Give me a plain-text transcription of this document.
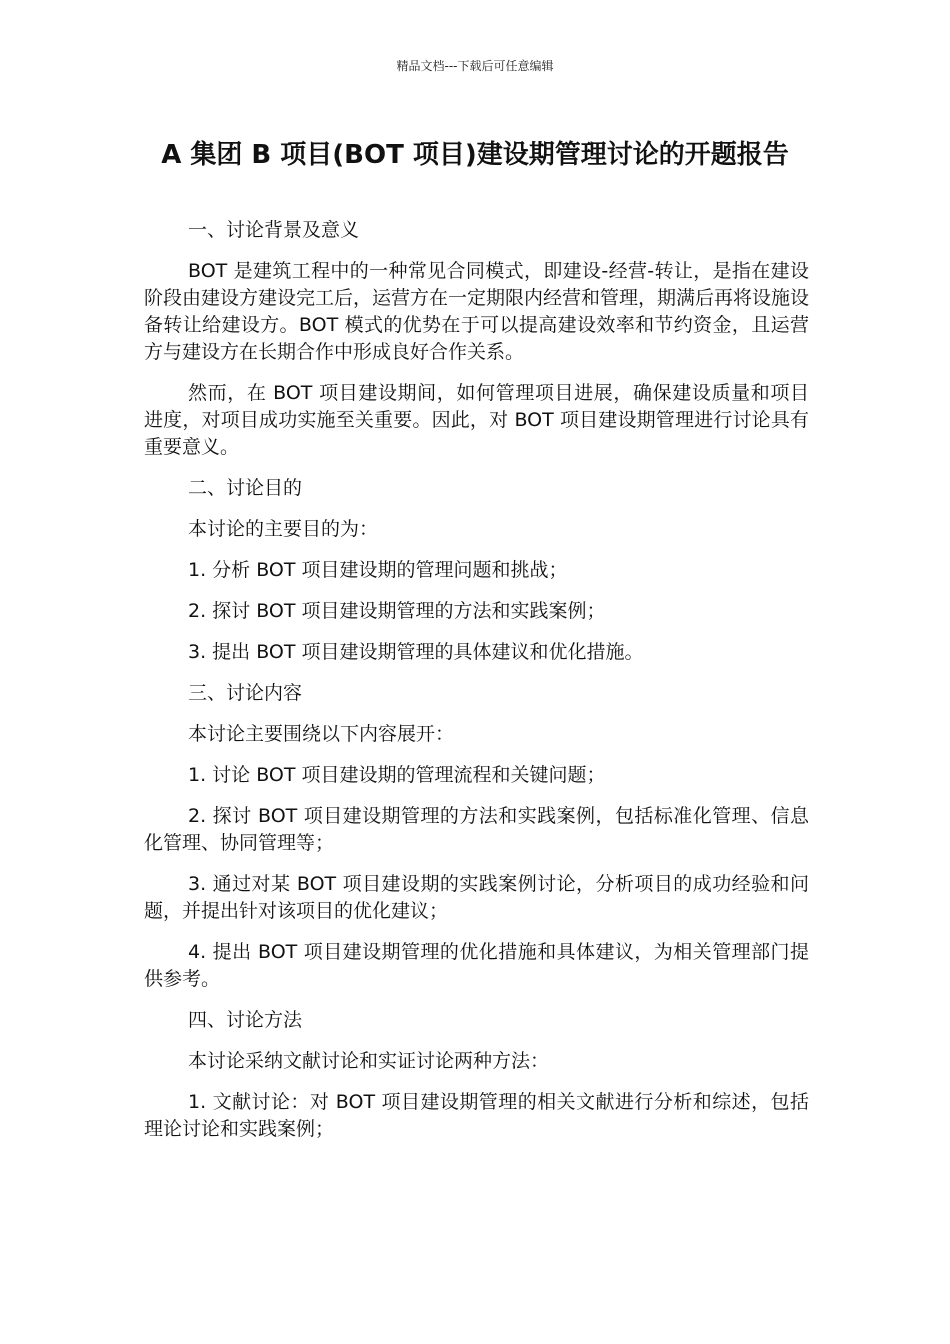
精品文档---下载后可任意编辑
A 集团 B 项目(BOT 项目)建设期管理讨论的开题报告

一、讨论背景及意义

BOT 是建筑工程中的一种常见合同模式，即建设-经营-转让，是指在建设阶段由建设方建设完工后，运营方在一定期限内经营和管理，期满后再将设施设备转让给建设方。BOT 模式的优势在于可以提高建设效率和节约资金，且运营方与建设方在长期合作中形成良好合作关系。

然而，在 BOT 项目建设期间，如何管理项目进展，确保建设质量和项目进度，对项目成功实施至关重要。因此，对 BOT 项目建设期管理进行讨论具有重要意义。

二、讨论目的

本讨论的主要目的为：

1. 分析 BOT 项目建设期的管理问题和挑战；

2. 探讨 BOT 项目建设期管理的方法和实践案例；

3. 提出 BOT 项目建设期管理的具体建议和优化措施。

三、讨论内容

本讨论主要围绕以下内容展开：

1. 讨论 BOT 项目建设期的管理流程和关键问题；

2. 探讨 BOT 项目建设期管理的方法和实践案例，包括标准化管理、信息化管理、协同管理等；

3. 通过对某 BOT 项目建设期的实践案例讨论，分析项目的成功经验和问题，并提出针对该项目的优化建议；

4. 提出 BOT 项目建设期管理的优化措施和具体建议，为相关管理部门提供参考。

四、讨论方法

本讨论采纳文献讨论和实证讨论两种方法：

1. 文献讨论：对 BOT 项目建设期管理的相关文献进行分析和综述，包括理论讨论和实践案例；
